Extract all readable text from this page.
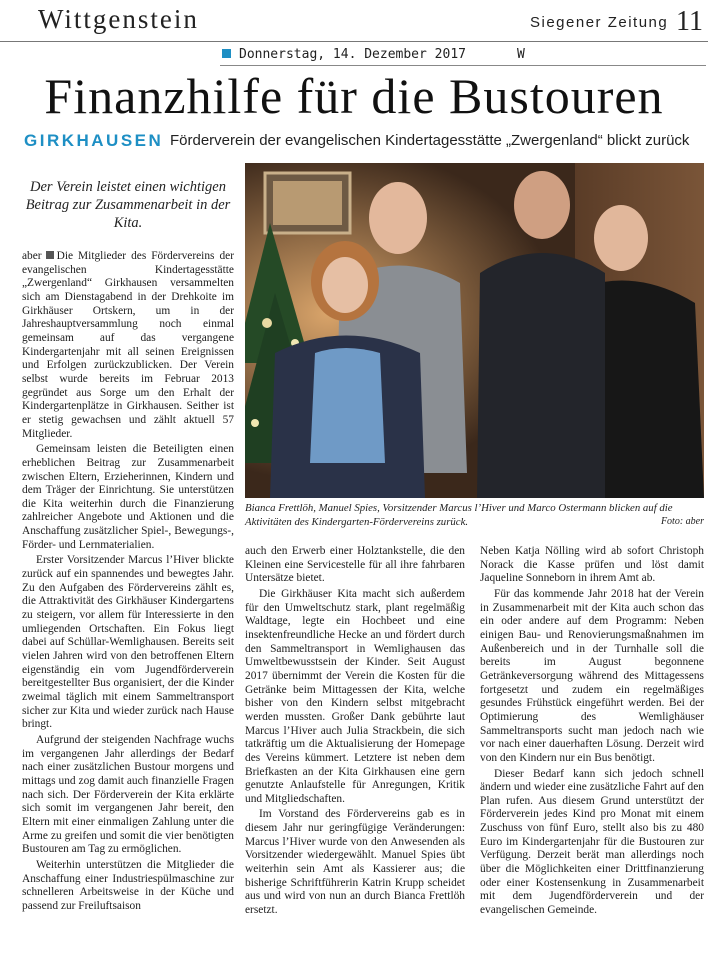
Wittgenstein	Siegener Zeitung 11
Donnerstag, 14. Dezember 2017	W
Finanzhilfe für die Bustouren
GIRKHAUSEN Förderverein der evangelischen Kindertagesstätte „Zwergenland“ blickt zurück
Der Verein leistet einen wichtigen Beitrag zur Zusammenarbeit in der Kita.
Bianca Frettlöh, Manuel Spies, Vorsitzender Marcus l’Hiver und Marco Ostermann blicken auf die Aktivitäten des Kindergarten-Fördervereins zurück.	Foto: aber

aber Die Mitglieder des Fördervereins der evangelischen Kindertagesstätte „Zwergenland“ Girkhausen versammelten sich am Dienstagabend in der Drehkoite im Girkhäuser Ortskern, um in der Jahreshauptversammlung noch einmal gemeinsam auf das vergangene Kindergartenjahr mit all seinen Ereignissen und Erfolgen zurückzublicken. Der Verein selbst wurde bereits im Februar 2013 gegründet aus Sorge um den Erhalt der Kindergartenplätze in Girkhausen. Seither ist er stetig gewachsen und zählt aktuell 57 Mitglieder.

Gemeinsam leisten die Beteiligten einen erheblichen Beitrag zur Zusammenarbeit zwischen Eltern, Erzieherinnen, Kindern und dem Träger der Einrichtung. Sie unterstützen die Kita weiterhin durch die Finanzierung zahlreicher Angebote und Aktionen und die Anschaffung zusätzlicher Spiel-, Bewegungs-, Förder- und Lernmaterialien.

Erster Vorsitzender Marcus l’Hiver blickte zurück auf ein spannendes und bewegtes Jahr. Zu den Aufgaben des Fördervereins zählt es, die Attraktivität des Girkhäuser Kindergartens zu steigern, vor allem für Interessierte in den umliegenden Ortschaften. Ein Fokus liegt dabei auf Schüllar-Wemlighausen. Bereits seit vielen Jahren wird von den betroffenen Eltern eigenständig ein vom Jugendförderverein bereitgestellter Bus organisiert, der die Kinder zweimal täglich mit einem Sammeltransport sicher zur Kita und wieder zurück nach Hause bringt.

Aufgrund der steigenden Nachfrage wuchs im vergangenen Jahr allerdings der Bedarf nach einer zusätzlichen Bustour morgens und mittags und zog damit auch finanzielle Fragen nach sich. Der Förderverein der Kita erklärte sich somit im vergangenen Jahr bereit, den Eltern mit einer einmaligen Zahlung unter die Arme zu greifen und somit die vier benötigten Bustouren am Tag zu ermöglichen.

Weiterhin unterstützen die Mitglieder die Anschaffung einer Industriespülmaschine zur schnelleren Arbeitsweise in der Küche und passend zur Freiluftsaison

auch den Erwerb einer Holztankstelle, die den Kleinen eine Servicestelle für all ihre fahrbaren Untersätze bietet.

Die Girkhäuser Kita macht sich außerdem für den Umweltschutz stark, plant regelmäßig Waldtage, legte ein Hochbeet und eine insektenfreundliche Hecke an und fördert durch den Sammeltransport in Wemlighausen das Umweltbewusstsein der Kinder. Seit August 2017 übernimmt der Verein die Kosten für die Getränke beim Mittagessen der Kita, welche bisher von den Kindern selbst mitgebracht werden mussten. Großer Dank gebührte laut Marcus l’Hiver auch Julia Strackbein, die sich tatkräftig um die Aktualisierung der Homepage des Vereins kümmert. Letztere ist neben dem Briefkasten an der Kita Girkhausen eine gern genutzte Anlaufstelle für Anregungen, Kritik und Mitgliedschaften.

Im Vorstand des Fördervereins gab es in diesem Jahr nur geringfügige Veränderungen: Marcus l’Hiver wurde von den Anwesenden als Vorsitzender wiedergewählt. Manuel Spies übt weiterhin sein Amt als Kassierer aus; die bisherige Schriftführerin Katrin Krupp scheidet aus und wird von nun an durch Bianca Frettlöh ersetzt.

Neben Katja Nölling wird ab sofort Christoph Norack die Kasse prüfen und löst damit Jaqueline Sonneborn in ihrem Amt ab.

Für das kommende Jahr 2018 hat der Verein in Zusammenarbeit mit der Kita auch schon das ein oder andere auf dem Programm: Neben einigen Bau- und Renovierungsmaßnahmen im Außenbereich und in der Turnhalle soll die bereits im August begonnene Getränkeversorgung während des Mittagessens fortgesetzt und zudem ein regelmäßiges gesundes Frühstück eingeführt werden. Bei der Optimierung des Wemlighäuser Sammeltransports sucht man jedoch nach wie vor nach einer dauerhaften Lösung. Derzeit wird von den Kindern nur ein Bus benötigt.

Dieser Bedarf kann sich jedoch schnell ändern und wieder eine zusätzliche Fahrt auf den Plan rufen. Aus diesem Grund unterstützt der Förderverein jedes Kind pro Monat mit einem Zuschuss von fünf Euro, stellt also bis zu 480 Euro im Kindergartenjahr für die Bustouren zur Verfügung. Derzeit berät man allerdings noch über die Möglichkeiten einer Drittfinanzierung oder einer Kostensenkung in Zusammenarbeit mit dem Jugendförderverein und der evangelischen Gemeinde.
